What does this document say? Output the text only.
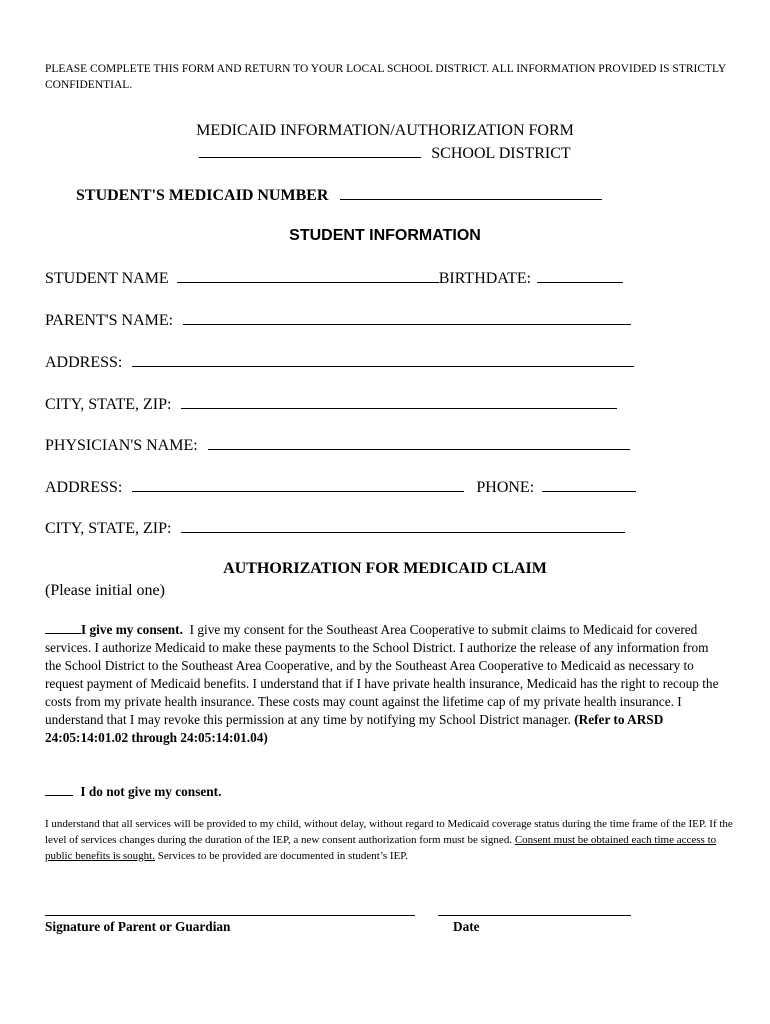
PLEASE COMPLETE THIS FORM AND RETURN TO YOUR LOCAL SCHOOL DISTRICT. ALL INFORMATION PROVIDED IS STRICTLY CONFIDENTIAL.
MEDICAID INFORMATION/AUTHORIZATION FORM
SCHOOL DISTRICT
STUDENT'S MEDICAID NUMBER
STUDENT INFORMATION
STUDENT NAME	BIRTHDATE:
PARENT'S NAME:
ADDRESS:
CITY, STATE, ZIP:
PHYSICIAN'S NAME:
ADDRESS:	PHONE:
CITY, STATE, ZIP:
AUTHORIZATION FOR MEDICAID CLAIM
(Please initial one)
I give my consent. I give my consent for the Southeast Area Cooperative to submit claims to Medicaid for covered services. I authorize Medicaid to make these payments to the School District. I authorize the release of any information from the School District to the Southeast Area Cooperative, and by the Southeast Area Cooperative to Medicaid as necessary to request payment of Medicaid benefits. I understand that if I have private health insurance, Medicaid has the right to recoup the costs from my private health insurance. These costs may count against the lifetime cap of my private health insurance. I understand that I may revoke this permission at any time by notifying my School District manager. (Refer to ARSD 24:05:14:01.02 through 24:05:14:01.04)
I do not give my consent.
I understand that all services will be provided to my child, without delay, without regard to Medicaid coverage status during the time frame of the IEP. If the level of services changes during the duration of the IEP, a new consent authorization form must be signed. Consent must be obtained each time access to public benefits is sought. Services to be provided are documented in student’s IEP.
Signature of Parent or Guardian	Date
